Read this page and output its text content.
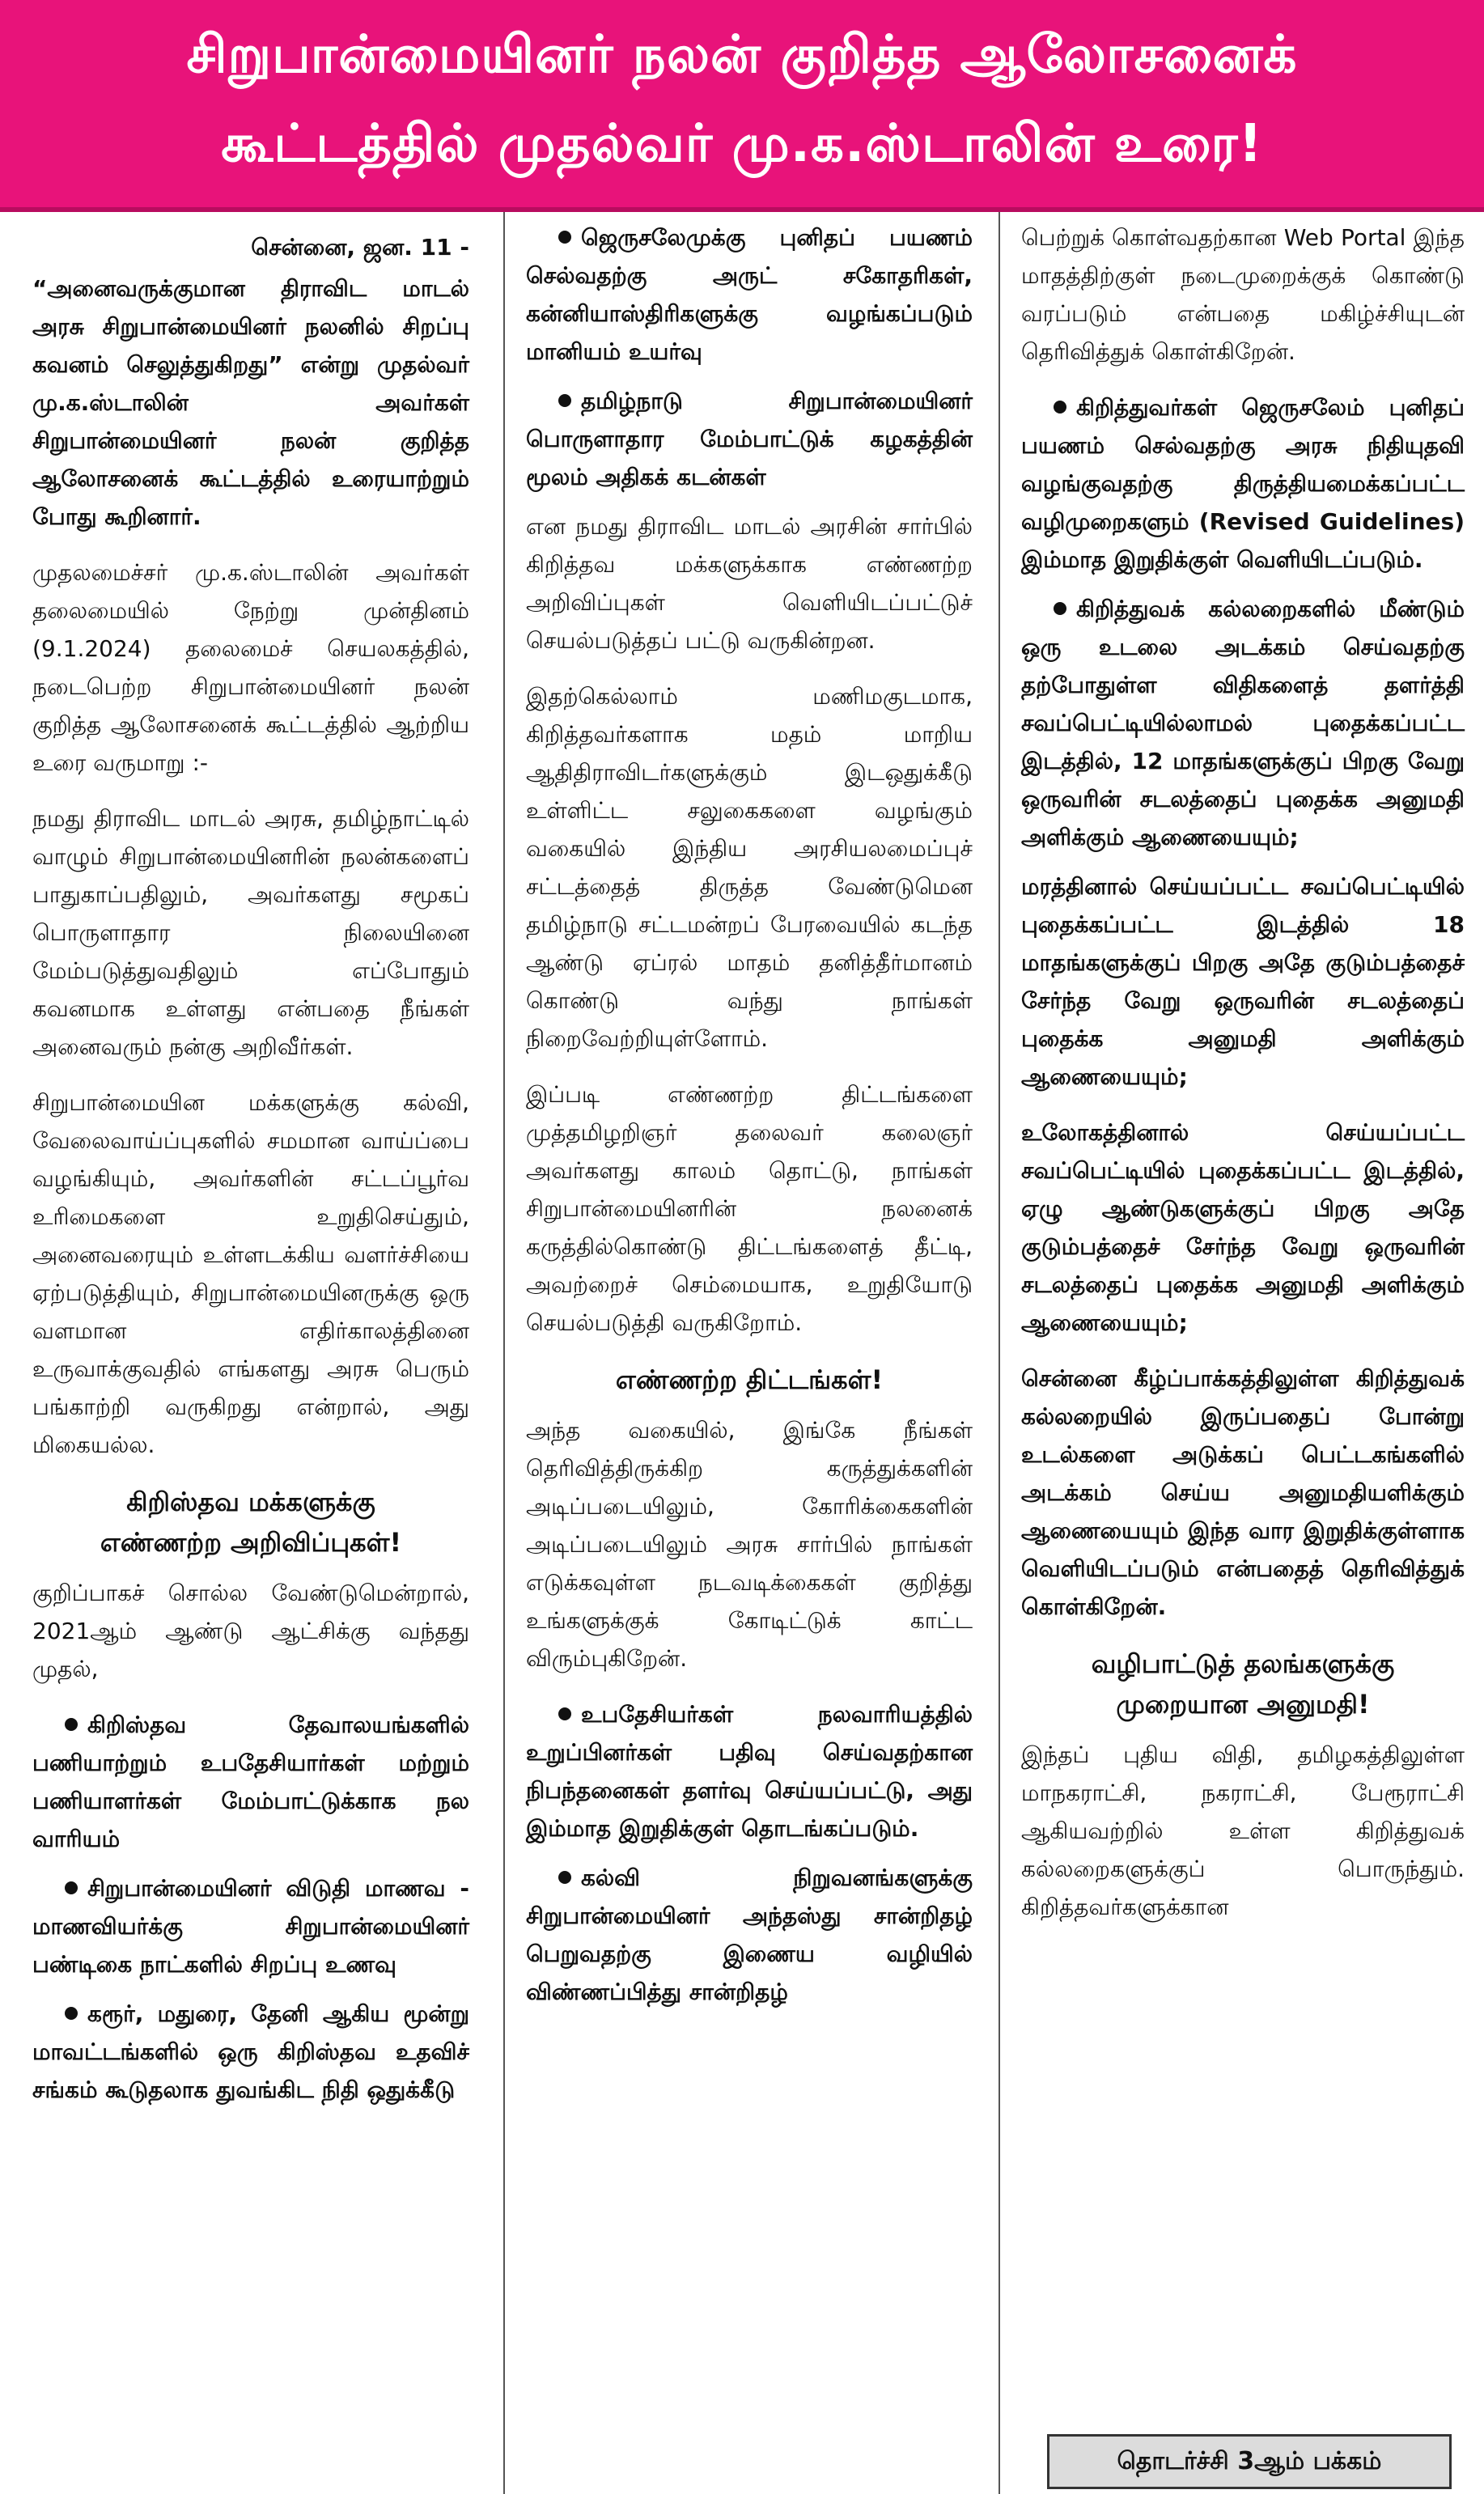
சிறுபான்மையினர் நலன் குறித்த ஆலோசனைக்
கூட்டத்தில் முதல்வர் மு.க.ஸ்டாலின் உரை!

சென்னை, ஜன. 11 -

“அனைவருக்குமான திராவிட மாடல் அரசு சிறுபான்மையினர் நலனில் சிறப்பு கவனம் செலுத்துகிறது” என்று முதல்வர் மு.க.ஸ்டாலின் அவர்கள் சிறுபான்மையினர் நலன் குறித்த ஆலோசனைக் கூட்டத்தில் உரையாற்றும் போது கூறினார்.

முதலமைச்சர் மு.க.ஸ்டாலின் அவர்கள் தலைமையில் நேற்று முன்தினம் (9.1.2024) தலைமைச் செயலகத்தில், நடைபெற்ற சிறுபான்மையினர் நலன் குறித்த ஆலோசனைக் கூட்டத்தில் ஆற்றிய உரை வருமாறு :-

நமது திராவிட மாடல் அரசு, தமிழ்நாட்டில் வாழும் சிறுபான்மையினரின் நலன்களைப் பாதுகாப்பதிலும், அவர்களது சமூகப் பொருளாதார நிலையினை மேம்படுத்துவதிலும் எப்போதும் கவனமாக உள்ளது என்பதை நீங்கள் அனைவரும் நன்கு அறிவீர்கள்.

சிறுபான்மையின மக்களுக்கு கல்வி, வேலைவாய்ப்புகளில் சமமான வாய்ப்பை வழங்கியும், அவர்களின் சட்டப்பூர்வ உரிமைகளை உறுதிசெய்தும், அனைவரையும் உள்ளடக்கிய வளர்ச்சியை ஏற்படுத்தியும், சிறுபான்மையினருக்கு ஒரு வளமான எதிர்காலத்தினை உருவாக்குவதில் எங்களது அரசு பெரும் பங்காற்றி வருகிறது என்றால், அது மிகையல்ல.

கிறிஸ்தவ மக்களுக்கு
எண்ணற்ற அறிவிப்புகள்!

குறிப்பாகச் சொல்ல வேண்டுமென்றால், 2021ஆம் ஆண்டு ஆட்சிக்கு வந்தது முதல்,

கிறிஸ்தவ தேவாலயங்களில் பணியாற்றும் உபதேசியார்கள் மற்றும் பணியாளர்கள் மேம்பாட்டுக்காக நல வாரியம்

சிறுபான்மையினர் விடுதி மாணவ - மாணவியர்க்கு சிறுபான்மையினர் பண்டிகை நாட்களில் சிறப்பு உணவு

கரூர், மதுரை, தேனி ஆகிய மூன்று மாவட்டங்களில் ஒரு கிறிஸ்தவ உதவிச் சங்கம் கூடுதலாக துவங்கிட நிதி ஒதுக்கீடு

ஜெருசலேமுக்கு புனிதப் பயணம் செல்வதற்கு அருட் சகோதரிகள், கன்னியாஸ்திரிகளுக்கு வழங்கப்படும் மானியம் உயர்வு

தமிழ்நாடு சிறுபான்மையினர் பொருளாதார மேம்பாட்டுக் கழகத்தின் மூலம் அதிகக் கடன்கள்

என நமது திராவிட மாடல் அரசின் சார்பில் கிறித்தவ மக்களுக்காக எண்ணற்ற அறிவிப்புகள் வெளியிடப்பட்டுச் செயல்படுத்தப் பட்டு வருகின்றன.

இதற்கெல்லாம் மணிமகுடமாக, கிறித்தவர்களாக மதம் மாறிய ஆதிதிராவிடர்களுக்கும் இடஒதுக்கீடு உள்ளிட்ட சலுகைகளை வழங்கும் வகையில் இந்திய அரசியலமைப்புச் சட்டத்தைத் திருத்த வேண்டுமென தமிழ்நாடு சட்டமன்றப் பேரவையில் கடந்த ஆண்டு ஏப்ரல் மாதம் தனித்தீர்மானம் கொண்டு வந்து நாங்கள் நிறைவேற்றியுள்ளோம்.

இப்படி எண்ணற்ற திட்டங்களை முத்தமிழறிஞர் தலைவர் கலைஞர் அவர்களது காலம் தொட்டு, நாங்கள் சிறுபான்மையினரின் நலனைக் கருத்தில்கொண்டு திட்டங்களைத் தீட்டி, அவற்றைச் செம்மையாக, உறுதியோடு செயல்படுத்தி வருகிறோம்.

எண்ணற்ற திட்டங்கள்!

அந்த வகையில், இங்கே நீங்கள் தெரிவித்திருக்கிற கருத்துக்களின் அடிப்படையிலும், கோரிக்கைகளின் அடிப்படையிலும் அரசு சார்பில் நாங்கள் எடுக்கவுள்ள நடவடிக்கைகள் குறித்து உங்களுக்குக் கோடிட்டுக் காட்ட விரும்புகிறேன்.

உபதேசியர்கள் நலவாரியத்தில் உறுப்பினர்கள் பதிவு செய்வதற்கான நிபந்தனைகள் தளர்வு செய்யப்பட்டு, அது இம்மாத இறுதிக்குள் தொடங்கப்படும்.

கல்வி நிறுவனங்களுக்கு சிறுபான்மையினர் அந்தஸ்து சான்றிதழ் பெறுவதற்கு இணைய வழியில் விண்ணப்பித்து சான்றிதழ்

பெற்றுக் கொள்வதற்கான Web Portal இந்த மாதத்திற்குள் நடைமுறைக்குக் கொண்டு வரப்படும் என்பதை மகிழ்ச்சியுடன் தெரிவித்துக் கொள்கிறேன்.

கிறித்துவர்கள் ஜெருசலேம் புனிதப் பயணம் செல்வதற்கு அரசு நிதியுதவி வழங்குவதற்கு திருத்தியமைக்கப்பட்ட வழிமுறைகளும் (Revised Guidelines) இம்மாத இறுதிக்குள் வெளியிடப்படும்.

கிறித்துவக் கல்லறைகளில் மீண்டும் ஒரு உடலை அடக்கம் செய்வதற்கு தற்போதுள்ள விதிகளைத் தளர்த்தி சவப்பெட்டியில்லாமல் புதைக்கப்பட்ட இடத்தில், 12 மாதங்களுக்குப் பிறகு வேறு ஒருவரின் சடலத்தைப் புதைக்க அனுமதி அளிக்கும் ஆணையையும்;

மரத்தினால் செய்யப்பட்ட சவப்பெட்டியில் புதைக்கப்பட்ட இடத்தில் 18 மாதங்களுக்குப் பிறகு அதே குடும்பத்தைச் சேர்ந்த வேறு ஒருவரின் சடலத்தைப் புதைக்க அனுமதி அளிக்கும் ஆணையையும்;

உலோகத்தினால் செய்யப்பட்ட சவப்பெட்டியில் புதைக்கப்பட்ட இடத்தில், ஏழு ஆண்டுகளுக்குப் பிறகு அதே குடும்பத்தைச் சேர்ந்த வேறு ஒருவரின் சடலத்தைப் புதைக்க அனுமதி அளிக்கும் ஆணையையும்;

சென்னை கீழ்ப்பாக்கத்திலுள்ள கிறித்துவக் கல்லறையில் இருப்பதைப் போன்று உடல்களை அடுக்கப் பெட்டகங்களில் அடக்கம் செய்ய அனுமதியளிக்கும் ஆணையையும் இந்த வார இறுதிக்குள்ளாக வெளியிடப்படும் என்பதைத் தெரிவித்துக் கொள்கிறேன்.

வழிபாட்டுத் தலங்களுக்கு
முறையான அனுமதி!

இந்தப் புதிய விதி, தமிழகத்திலுள்ள மாநகராட்சி, நகராட்சி, பேரூராட்சி ஆகியவற்றில் உள்ள கிறித்துவக் கல்லறைகளுக்குப் பொருந்தும். கிறித்தவர்களுக்கான

தொடர்ச்சி 3ஆம் பக்கம்
